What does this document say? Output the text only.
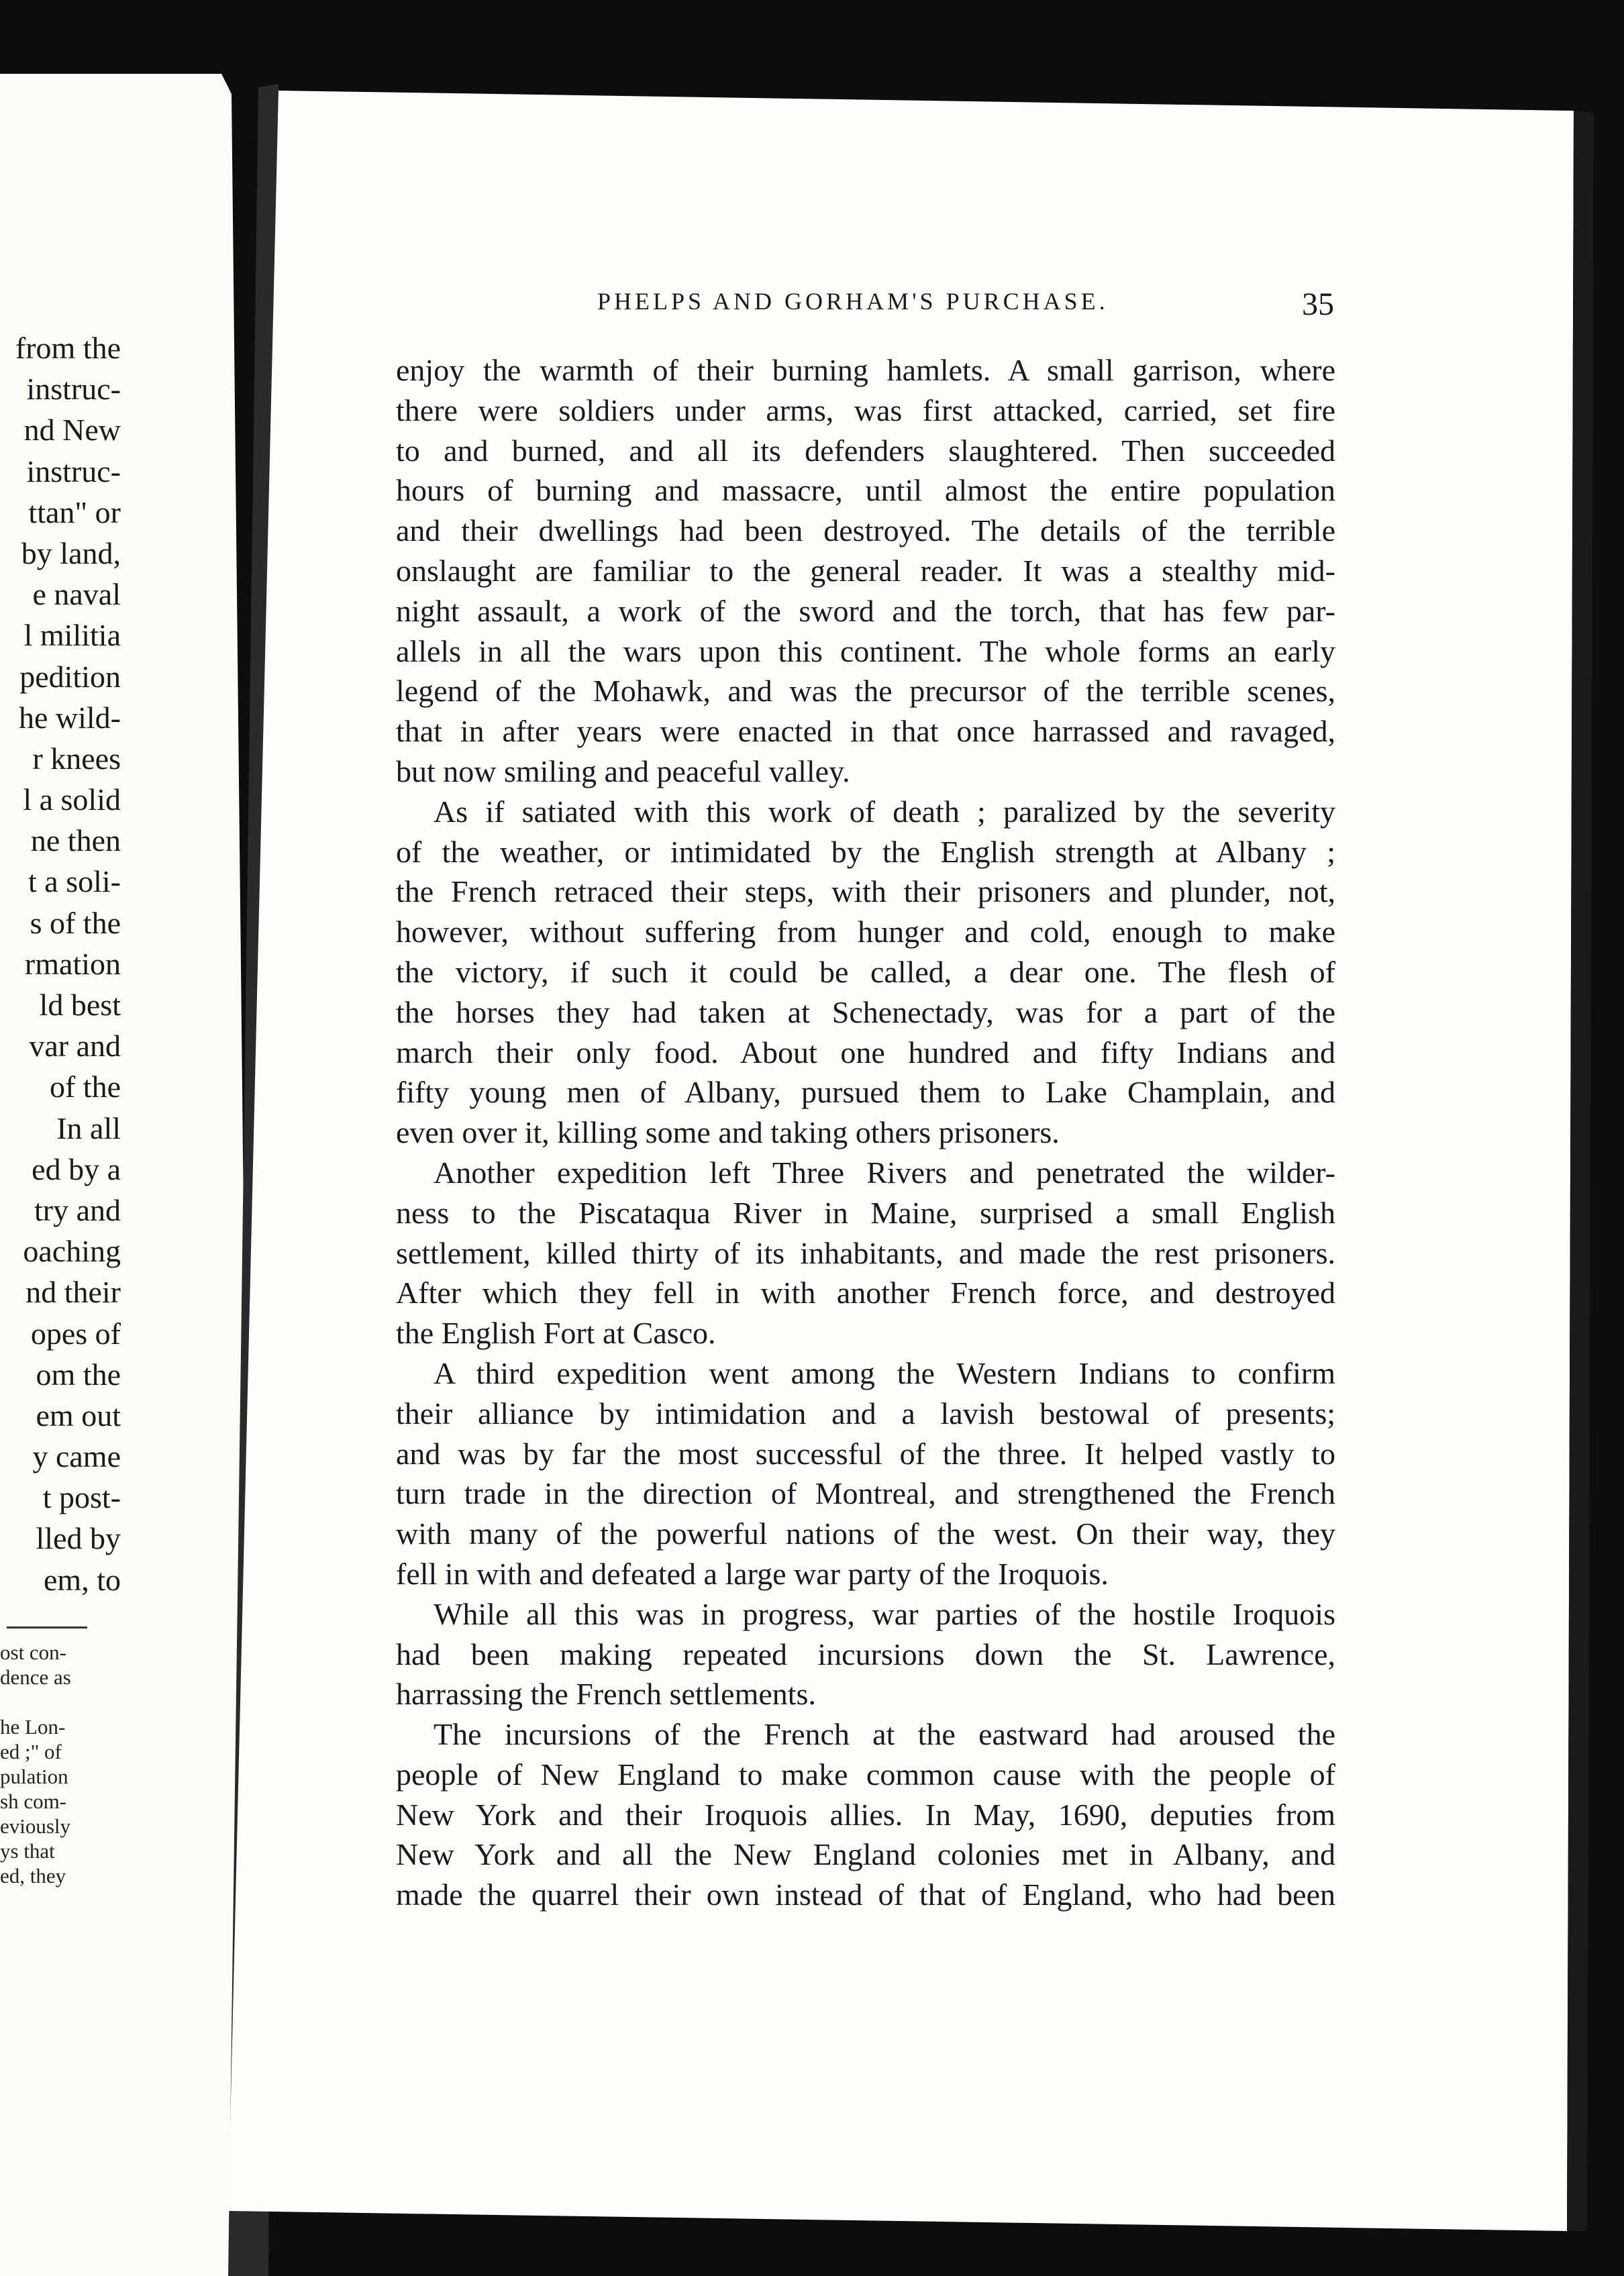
from the
instruc-
nd New
instruc-
ttan" or
by land,
e naval
l militia
pedition
he wild-
r knees
l a solid
ne then
t a soli-
s of the
rmation
ld best
var and
of the
In all
ed by a
try and
oaching
nd their
opes of
om the
em out
y came
t post-
lled by
em, to
ost con-
dence as
he Lon-
ed ;" of
pulation
sh com-
eviously
ys that
ed, they
PHELPS AND GORHAM'S PURCHASE.	35
enjoy the warmth of their burning hamlets. A small garrison, where
there were soldiers under arms, was first attacked, carried, set fire
to and burned, and all its defenders slaughtered. Then succeeded
hours of burning and massacre, until almost the entire population
and their dwellings had been destroyed. The details of the terrible
onslaught are familiar to the general reader. It was a stealthy mid-
night assault, a work of the sword and the torch, that has few par-
allels in all the wars upon this continent. The whole forms an early
legend of the Mohawk, and was the precursor of the terrible scenes,
that in after years were enacted in that once harrassed and ravaged,
but now smiling and peaceful valley.
As if satiated with this work of death ; paralized by the severity
of the weather, or intimidated by the English strength at Albany ;
the French retraced their steps, with their prisoners and plunder, not,
however, without suffering from hunger and cold, enough to make
the victory, if such it could be called, a dear one. The flesh of
the horses they had taken at Schenectady, was for a part of the
march their only food. About one hundred and fifty Indians and
fifty young men of Albany, pursued them to Lake Champlain, and
even over it, killing some and taking others prisoners.
Another expedition left Three Rivers and penetrated the wilder-
ness to the Piscataqua River in Maine, surprised a small English
settlement, killed thirty of its inhabitants, and made the rest prisoners.
After which they fell in with another French force, and destroyed
the English Fort at Casco.
A third expedition went among the Western Indians to confirm
their alliance by intimidation and a lavish bestowal of presents;
and was by far the most successful of the three. It helped vastly to
turn trade in the direction of Montreal, and strengthened the French
with many of the powerful nations of the west. On their way, they
fell in with and defeated a large war party of the Iroquois.
While all this was in progress, war parties of the hostile Iroquois
had been making repeated incursions down the St. Lawrence,
harrassing the French settlements.
The incursions of the French at the eastward had aroused the
people of New England to make common cause with the people of
New York and their Iroquois allies. In May, 1690, deputies from
New York and all the New England colonies met in Albany, and
made the quarrel their own instead of that of England, who had been
